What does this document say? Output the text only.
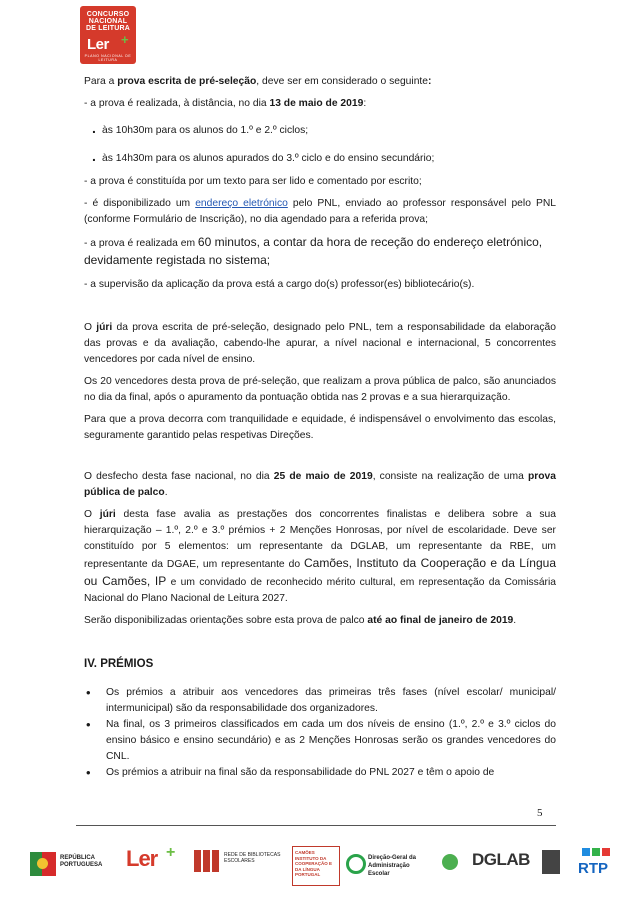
CONCURSO
NACIONAL
DE LEITURA
Ler +
PLANO NACIONAL DE LEITURA

Para a prova escrita de pré-seleção, deve ser em considerado o seguinte:

- a prova é realizada, à distância, no dia 13 de maio de 2019:

. às 10h30m para os alunos do 1.º e 2.º ciclos;

. às 14h30m para os alunos apurados do 3.º ciclo e do ensino secundário;

- a prova é constituída por um texto para ser lido e comentado por escrito;

- é disponibilizado um endereço eletrónico pelo PNL, enviado ao professor responsável pelo PNL (conforme Formulário de Inscrição), no dia agendado para a referida prova;

- a prova é realizada em 60 minutos, a contar da hora de receção do endereço eletrónico, devidamente registada no sistema;

- a supervisão da aplicação da prova está a cargo do(s) professor(es) bibliotecário(s).

O júri da prova escrita de pré-seleção, designado pelo PNL, tem a responsabilidade da elaboração das provas e da avaliação, cabendo-lhe apurar, a nível nacional e internacional, 5 concorrentes vencedores por cada nível de ensino.

Os 20 vencedores desta prova de pré-seleção, que realizam a prova pública de palco, são anunciados no dia da final, após o apuramento da pontuação obtida nas 2 provas e a sua hierarquização.

Para que a prova decorra com tranquilidade e equidade, é indispensável o envolvimento das escolas, seguramente garantido pelas respetivas Direções.

O desfecho desta fase nacional, no dia 25 de maio de 2019, consiste na realização de uma prova pública de palco.

O júri desta fase avalia as prestações dos concorrentes finalistas e delibera sobre a sua hierarquização – 1.º, 2.º e 3.º prémios + 2 Menções Honrosas, por nível de escolaridade. Deve ser constituído por 5 elementos: um representante da DGLAB, um representante da RBE, um representante da DGAE, um representante do Camões, Instituto da Cooperação e da Língua ou Camões, IP e um convidado de reconhecido mérito cultural, em representação da Comissária Nacional do Plano Nacional de Leitura 2027.

Serão disponibilizadas orientações sobre esta prova de palco até ao final de janeiro de 2019.

IV. PRÉMIOS

• Os prémios a atribuir aos vencedores das primeiras três fases (nível escolar/ municipal/ intermunicipal) são da responsabilidade dos organizadores.
• Na final, os 3 primeiros classificados em cada um dos níveis de ensino (1.º, 2.º e 3.º ciclos do ensino básico e ensino secundário) e as 2 Menções Honrosas serão os grandes vencedores do CNL.
• Os prémios a atribuir na final são da responsabilidade do PNL 2027 e têm o apoio de
5
REPÚBLICA PORTUGUESA	Ler +	REDE DE BIBLIOTECAS ESCOLARES
CAMÕES INSTITUTO DA COOPERAÇÃO E DA LÍNGUA PORTUGAL
Direção-Geral da Administração Escolar
DGLAB	RTP
